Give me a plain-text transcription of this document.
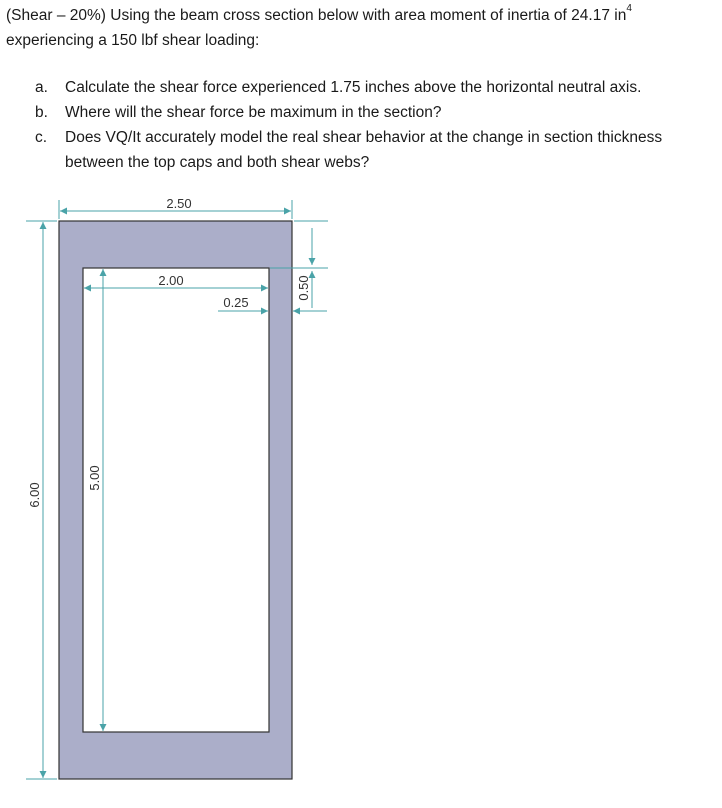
(Shear – 20%) Using the beam cross section below with area moment of inertia of 24.17 $in^4$
experiencing a 150 lbf shear loading:

a. Calculate the shear force experienced 1.75 inches above the horizontal neutral axis.

b. Where will the shear force be maximum in the section?

c. Does VQ/It accurately model the real shear behavior at the change in section thickness between the top caps and both shear webs?

2.50
2.00
0.25
0.50
6.00
5.00
